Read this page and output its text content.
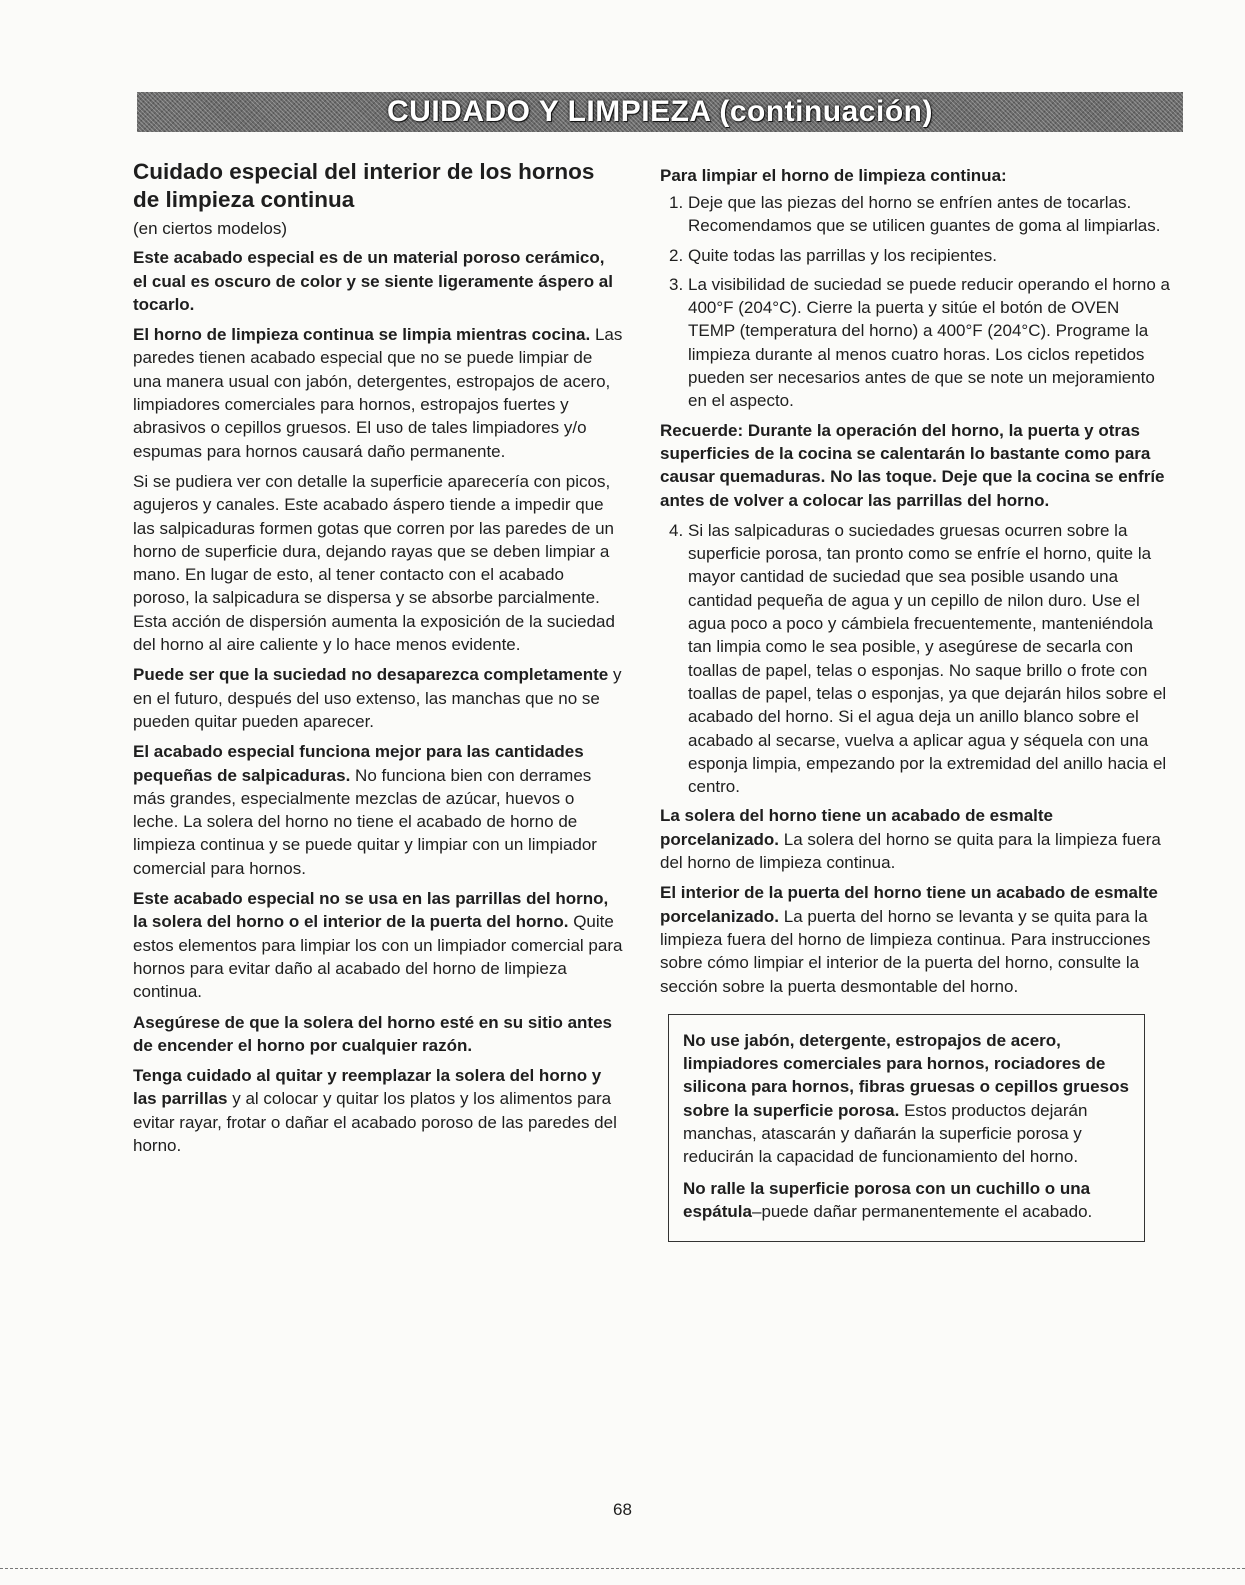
CUIDADO Y LIMPIEZA (continuación)
Cuidado especial del interior de los hornos de limpieza continua

(en ciertos modelos)

Este acabado especial es de un material poroso cerámico, el cual es oscuro de color y se siente ligeramente áspero al tocarlo.

El horno de limpieza continua se limpia mientras cocina. Las paredes tienen acabado especial que no se puede limpiar de una manera usual con jabón, detergentes, estropajos de acero, limpiadores comerciales para hornos, estropajos fuertes y abrasivos o cepillos gruesos. El uso de tales limpiadores y/o espumas para hornos causará daño permanente.

Si se pudiera ver con detalle la superficie aparecería con picos, agujeros y canales. Este acabado áspero tiende a impedir que las salpicaduras formen gotas que corren por las paredes de un horno de superficie dura, dejando rayas que se deben limpiar a mano. En lugar de esto, al tener contacto con el acabado poroso, la salpicadura se dispersa y se absorbe parcialmente. Esta acción de dispersión aumenta la exposición de la suciedad del horno al aire caliente y lo hace menos evidente.

Puede ser que la suciedad no desaparezca completamente y en el futuro, después del uso extenso, las manchas que no se pueden quitar pueden aparecer.

El acabado especial funciona mejor para las cantidades pequeñas de salpicaduras. No funciona bien con derrames más grandes, especialmente mezclas de azúcar, huevos o leche. La solera del horno no tiene el acabado de horno de limpieza continua y se puede quitar y limpiar con un limpiador comercial para hornos.

Este acabado especial no se usa en las parrillas del horno, la solera del horno o el interior de la puerta del horno. Quite estos elementos para limpiar los con un limpiador comercial para hornos para evitar daño al acabado del horno de limpieza continua.

Asegúrese de que la solera del horno esté en su sitio antes de encender el horno por cualquier razón.

Tenga cuidado al quitar y reemplazar la solera del horno y las parrillas y al colocar y quitar los platos y los alimentos para evitar rayar, frotar o dañar el acabado poroso de las paredes del horno.

Para limpiar el horno de limpieza continua:
1. Deje que las piezas del horno se enfríen antes de tocarlas. Recomendamos que se utilicen guantes de goma al limpiarlas.
2. Quite todas las parrillas y los recipientes.
3. La visibilidad de suciedad se puede reducir operando el horno a 400°F (204°C). Cierre la puerta y sitúe el botón de OVEN TEMP (temperatura del horno) a 400°F (204°C). Programe la limpieza durante al menos cuatro horas. Los ciclos repetidos pueden ser necesarios antes de que se note un mejoramiento en el aspecto.

Recuerde: Durante la operación del horno, la puerta y otras superficies de la cocina se calentarán lo bastante como para causar quemaduras. No las toque. Deje que la cocina se enfríe antes de volver a colocar las parrillas del horno.

4. Si las salpicaduras o suciedades gruesas ocurren sobre la superficie porosa, tan pronto como se enfríe el horno, quite la mayor cantidad de suciedad que sea posible usando una cantidad pequeña de agua y un cepillo de nilon duro. Use el agua poco a poco y cámbiela frecuentemente, manteniéndola tan limpia como le sea posible, y asegúrese de secarla con toallas de papel, telas o esponjas. No saque brillo o frote con toallas de papel, telas o esponjas, ya que dejarán hilos sobre el acabado del horno. Si el agua deja un anillo blanco sobre el acabado al secarse, vuelva a aplicar agua y séquela con una esponja limpia, empezando por la extremidad del anillo hacia el centro.

La solera del horno tiene un acabado de esmalte porcelanizado. La solera del horno se quita para la limpieza fuera del horno de limpieza continua.

El interior de la puerta del horno tiene un acabado de esmalte porcelanizado. La puerta del horno se levanta y se quita para la limpieza fuera del horno de limpieza continua. Para instrucciones sobre cómo limpiar el interior de la puerta del horno, consulte la sección sobre la puerta desmontable del horno.

No use jabón, detergente, estropajos de acero, limpiadores comerciales para hornos, rociadores de silicona para hornos, fibras gruesas o cepillos gruesos sobre la superficie porosa. Estos productos dejarán manchas, atascarán y dañarán la superficie porosa y reducirán la capacidad de funcionamiento del horno.

No ralle la superficie porosa con un cuchillo o una espátula–puede dañar permanentemente el acabado.

68
